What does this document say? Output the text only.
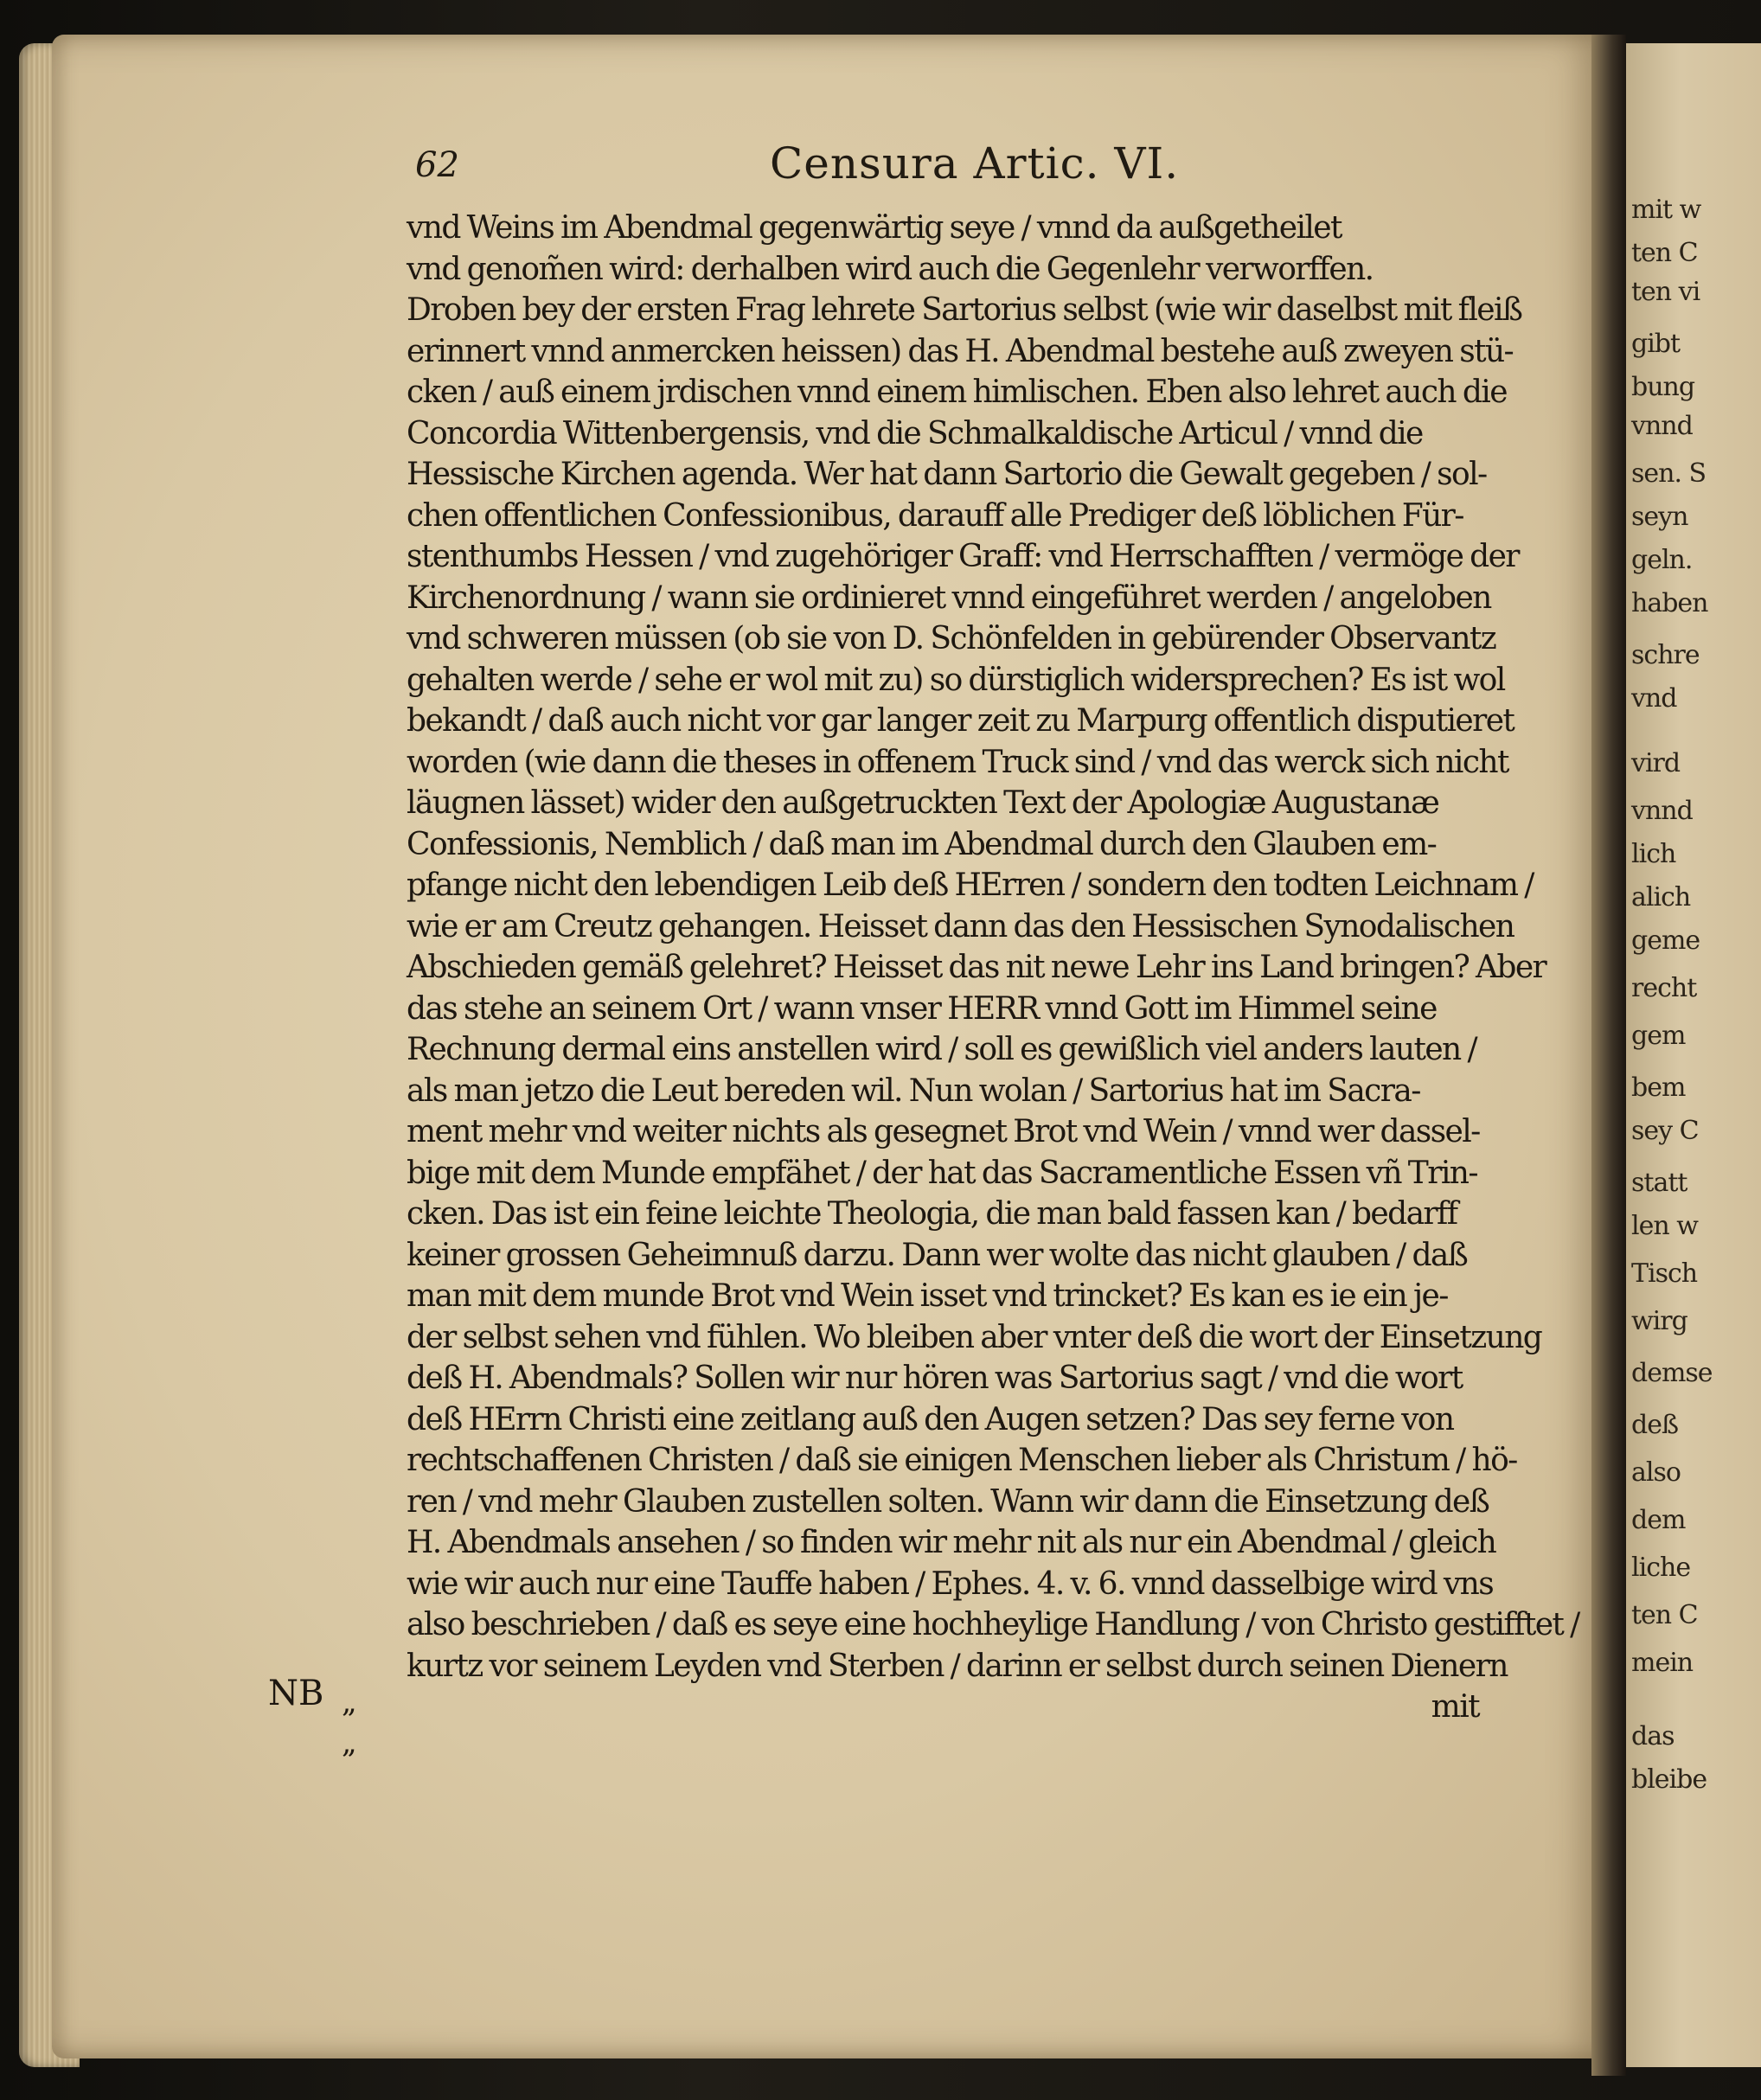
mit w
ten C
ten vi
gibt
bung
vnnd
sen. S
seyn
geln.
haben
schre
vnd
vird
vnnd
lich
alich
geme
recht
gem
bem
sey C
statt
len w
Tisch
wirg
demse
deß
also
dem
liche
ten C
mein
das
bleibe
62	Censura Artic. VI.
vnd Weins im Abendmal gegenwärtig seye / vnnd da außgetheilet
vnd genom̃en wird: derhalben wird auch die Gegenlehr verworffen.
Droben bey der ersten Frag lehrete Sartorius selbst (wie wir daselbst mit fleiß
erinnert vnnd anmercken heissen) das H. Abendmal bestehe auß zweyen stü-
cken / auß einem jrdischen vnnd einem himlischen. Eben also lehret auch die
Concordia Wittenbergensis, vnd die Schmalkaldische Articul / vnnd die
Hessische Kirchen agenda. Wer hat dann Sartorio die Gewalt gegeben / sol-
chen offentlichen Confessionibus, darauff alle Prediger deß löblichen Für-
stenthumbs Hessen / vnd zugehöriger Graff: vnd Herrschafften / vermöge der
Kirchenordnung / wann sie ordinieret vnnd eingeführet werden / angeloben
vnd schweren müssen (ob sie von D. Schönfelden in gebürender Observantz
gehalten werde / sehe er wol mit zu) so dürstiglich widersprechen? Es ist wol
bekandt / daß auch nicht vor gar langer zeit zu Marpurg offentlich disputieret
worden (wie dann die theses in offenem Truck sind / vnd das werck sich nicht
läugnen lässet) wider den außgetruckten Text der Apologiæ Augustanæ
Confessionis, Nemblich / daß man im Abendmal durch den Glauben em-
pfange nicht den lebendigen Leib deß HErren / sondern den todten Leichnam /
wie er am Creutz gehangen. Heisset dann das den Hessischen Synodalischen
Abschieden gemäß gelehret? Heisset das nit newe Lehr ins Land bringen? Aber
das stehe an seinem Ort / wann vnser HERR vnnd Gott im Himmel seine
Rechnung dermal eins anstellen wird / soll es gewißlich viel anders lauten /
als man jetzo die Leut bereden wil. Nun wolan / Sartorius hat im Sacra-
ment mehr vnd weiter nichts als gesegnet Brot vnd Wein / vnnd wer dassel-
bige mit dem Munde empfähet / der hat das Sacramentliche Essen vñ Trin-
cken. Das ist ein feine leichte Theologia, die man bald fassen kan / bedarff
keiner grossen Geheimnuß darzu. Dann wer wolte das nicht glauben / daß
man mit dem munde Brot vnd Wein isset vnd trincket? Es kan es ie ein je-
der selbst sehen vnd fühlen. Wo bleiben aber vnter deß die wort der Einsetzung
deß H. Abendmals? Sollen wir nur hören was Sartorius sagt / vnd die wort
deß HErrn Christi eine zeitlang auß den Augen setzen? Das sey ferne von
rechtschaffenen Christen / daß sie einigen Menschen lieber als Christum / hö-
ren / vnd mehr Glauben zustellen solten. Wann wir dann die Einsetzung deß
H. Abendmals ansehen / so finden wir mehr nit als nur ein Abendmal / gleich
wie wir auch nur eine Tauffe haben / Ephes. 4. v. 6. vnnd dasselbige wird vns
also beschrieben / daß es seye eine hochheylige Handlung / von Christo gestifftet /
kurtz vor seinem Leyden vnd Sterben / darinn er selbst durch seinen Dienern
mit
NB „
„
